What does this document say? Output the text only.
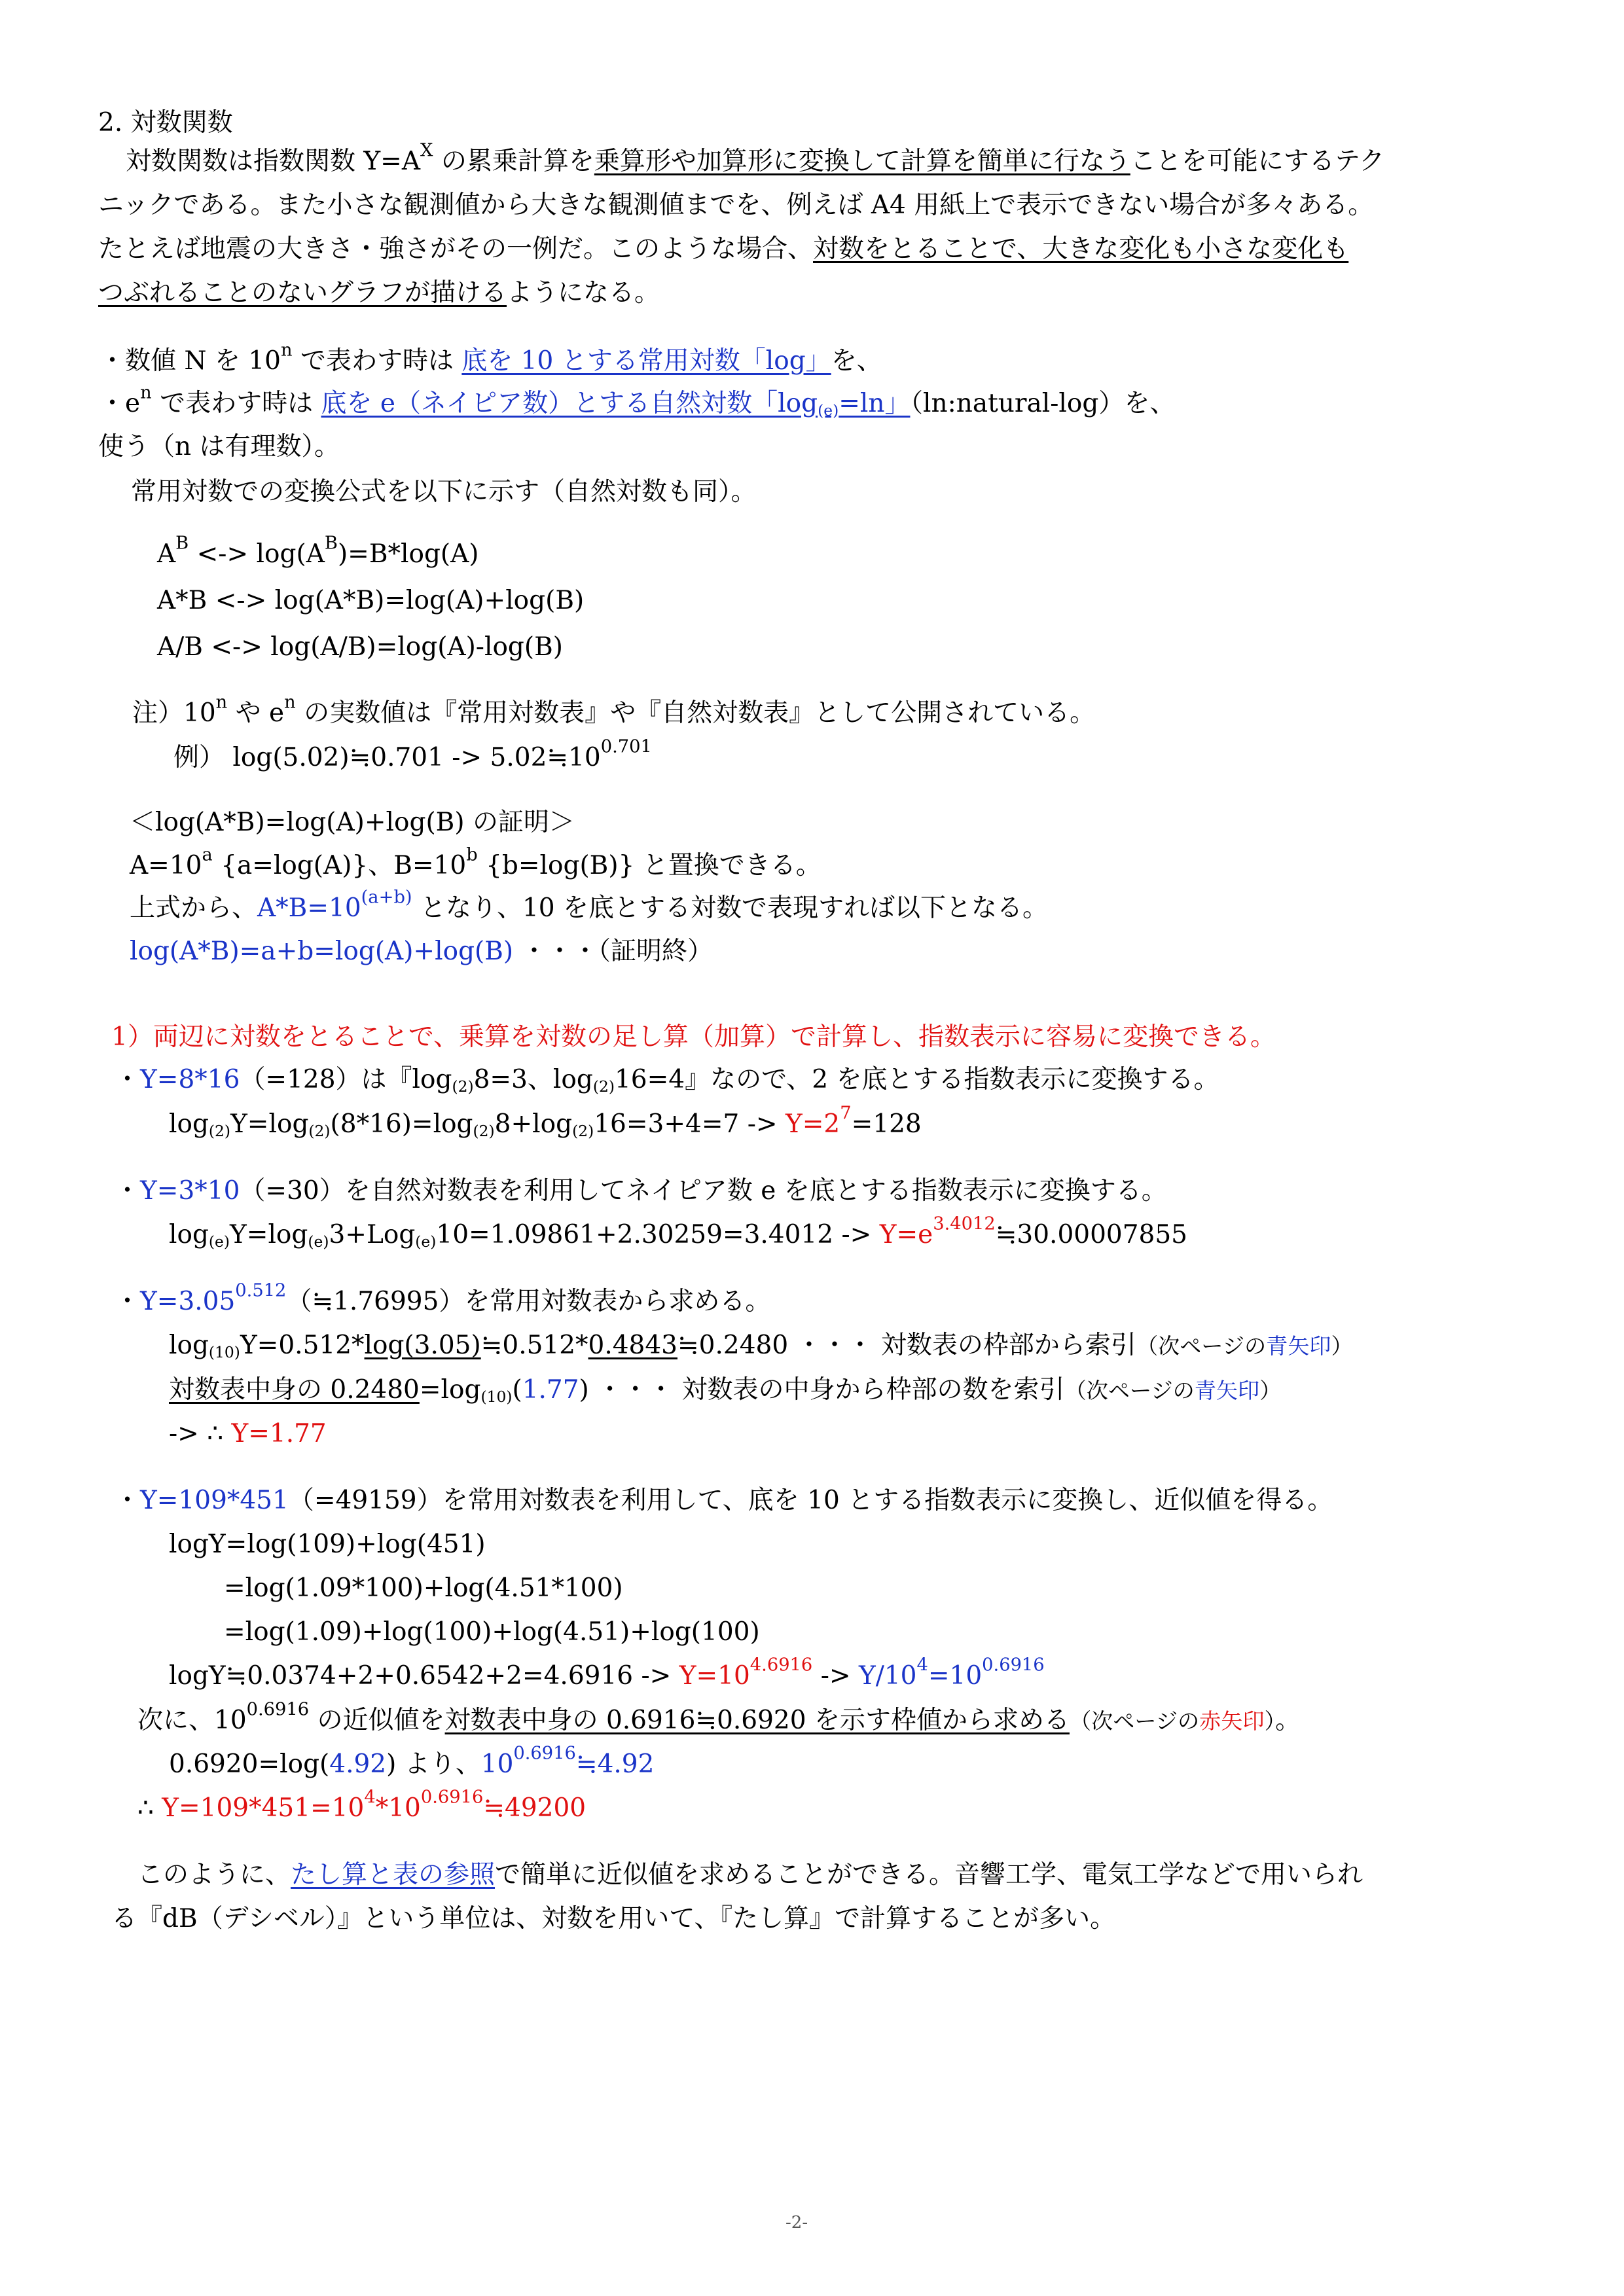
2. 対数関数
対数関数は指数関数 $Y=A^X$ の累乗計算を乗算形や加算形に変換して計算を簡単に行なうことを可能にするテク
ニックである。また小さな観測値から大きな観測値までを、例えば A4 用紙上で表示できない場合が多々ある。
たとえば地震の大きさ・強さがその一例だ。このような場合、対数をとることで、大きな変化も小さな変化も
つぶれることのないグラフが描けるようになる。
・数値 N を 10$^n$ で表わす時は 底を 10 とする常用対数「log」を、
・$e^n$ で表わす時は 底を e（ネイピア数）とする自然対数「$\log_{(e)}=\ln$」（ln:natural-log）を、
使う（n は有理数）。
常用対数での変換公式を以下に示す（自然対数も同）。
$A^B$ <-> $\log(A^B)=B*\log(A)$
A*B <-> log(A*B)=log(A)+log(B)
A/B <-> log(A/B)=log(A)-log(B)
注）10$^n$ や $e^n$ の実数値は『常用対数表』や『自然対数表』として公開されている。
例） log(5.02)≒0.701 -> $5.02≒10^{0.701}$
＜log(A*B)=log(A)+log(B) の証明＞
$A=10^a$ {a=log(A)}、$B=10^b$ {b=log(B)} と置換できる。
上式から、$A*B=10^{(a+b)}$ となり、10 を底とする対数で表現すれば以下となる。
log(A*B)=a+b=log(A)+log(B) ・・・（証明終）
1）両辺に対数をとることで、乗算を対数の足し算（加算）で計算し、指数表示に容易に変換できる。
・Y=8*16（=128）は『$\log_{(2)}8=3$、$\log_{(2)}16=4$』なので、2 を底とする指数表示に変換する。
$\log_{(2)}Y=\log_{(2)}(8*16)=\log_{(2)}8+\log_{(2)}16=3+4=7 -> Y=2^7=128$
・Y=3*10（=30）を自然対数表を利用してネイピア数 e を底とする指数表示に変換する。
$\log_{(e)}Y=\log_{(e)}3+Log_{(e)}10=1.09861+2.30259=3.4012$ -> $Y=e^{3.4012}≒30.00007855$
・$Y=3.05^{0.512}(≒1.76995)$を常用対数表から求める。
$\log_{(10)}Y=0.512*\log(3.05)≒0.512*0.4843≒0.2480$ ・・・ 対数表の枠部から索引（次ページの青矢印）
対数表中身の $0.2480=\log_{(10)}(1.77)$ ・・・ 対数表の中身から枠部の数を索引（次ページの青矢印）
-> ∴ Y=1.77
・Y=109*451（=49159）を常用対数表を利用して、底を 10 とする指数表示に変換し、近似値を得る。
logY=log(109)+log(451)
=log(1.09*100)+log(4.51*100)
=log(1.09)+log(100)+log(4.51)+log(100)
logY≒0.0374+2+0.6542+2=4.6916 -> $Y=10^{4.6916} -> Y/10^4=10^{0.6916}$
次に、$10^{0.6916}$ の近似値を対数表中身の 0.6916≒0.6920 を示す枠値から求める（次ページの赤矢印）。
0.6920=log(4.92) より、$10^{0.6916}≒4.92$
∴ $Y=109*451=10^4*10^{0.6916}≒49200$
このように、たし算と表の参照で簡単に近似値を求めることができる。音響工学、電気工学などで用いられ
る『dB（デシベル）』という単位は、対数を用いて、『たし算』で計算することが多い。
-2-
